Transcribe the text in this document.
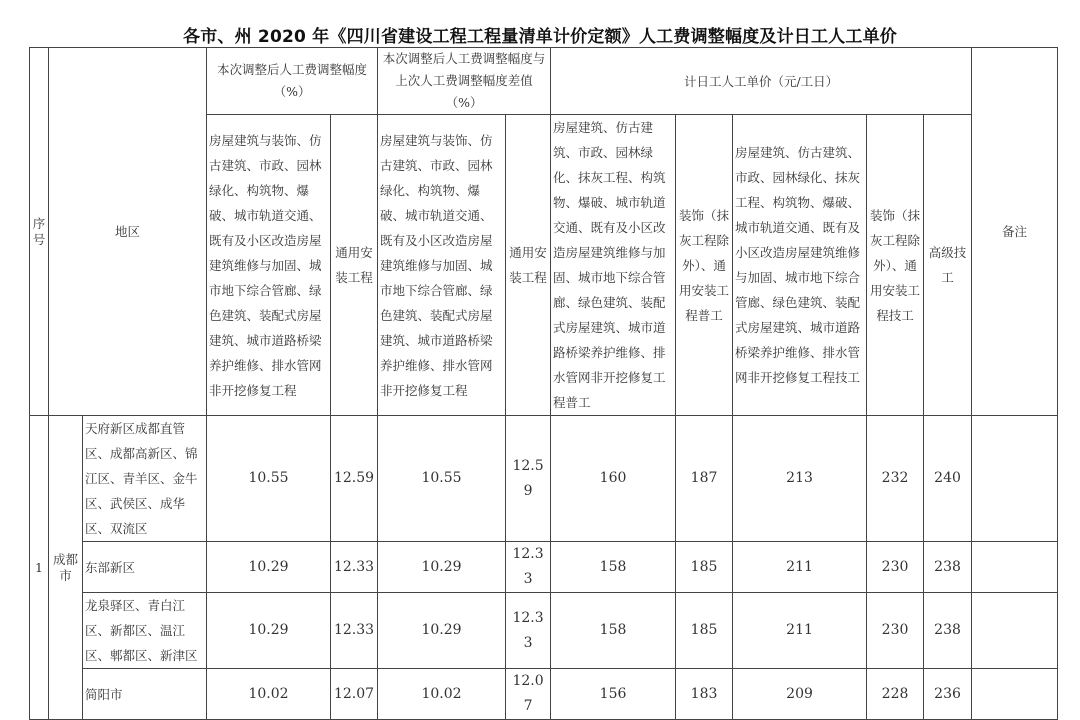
各市、州 2020 年《四川省建设工程工程量清单计价定额》人工费调整幅度及计日工人工单价
序号	地区		本次调整后人工费调整幅度（%）		本次调整后人工费调整幅度与上次人工费调整幅度差值（%）		计日工人工单价（元/工日）					备注
			房屋建筑与装饰、仿古建筑、市政、园林绿化、构筑物、爆破、城市轨道交通、既有及小区改造房屋建筑维修与加固、城市地下综合管廊、绿色建筑、装配式房屋建筑、城市道路桥梁养护维修、排水管网非开挖修复工程	通用安装工程	房屋建筑与装饰、仿古建筑、市政、园林绿化、构筑物、爆破、城市轨道交通、既有及小区改造房屋建筑维修与加固、城市地下综合管廊、绿色建筑、装配式房屋建筑、城市道路桥梁养护维修、排水管网非开挖修复工程	通用安装工程	房屋建筑、仿古建筑、市政、园林绿化、抹灰工程、构筑物、爆破、城市轨道交通、既有及小区改造房屋建筑维修与加固、城市地下综合管廊、绿色建筑、装配式房屋建筑、城市道路桥梁养护维修、排水管网非开挖修复工程普工	装饰（抹灰工程除外）、通用安装工程普工	房屋建筑、仿古建筑、市政、园林绿化、抹灰工程、构筑物、爆破、城市轨道交通、既有及小区改造房屋建筑维修与加固、城市地下综合管廊、绿色建筑、装配式房屋建筑、城市道路桥梁养护维修、排水管网非开挖修复工程技工	装饰（抹灰工程除外）、通用安装工程技工	高级技工	
1	成都市	天府新区成都直管区、成都高新区、锦江区、青羊区、金牛区、武侯区、成华区、双流区	10.55	12.59	10.55	12.59	160	187	213	232	240	
		东部新区	10.29	12.33	10.29	12.33	158	185	211	230	238	
		龙泉驿区、青白江区、新都区、温江区、郫都区、新津区	10.29	12.33	10.29	12.33	158	185	211	230	238	
		简阳市	10.02	12.07	10.02	12.07	156	183	209	228	236	
